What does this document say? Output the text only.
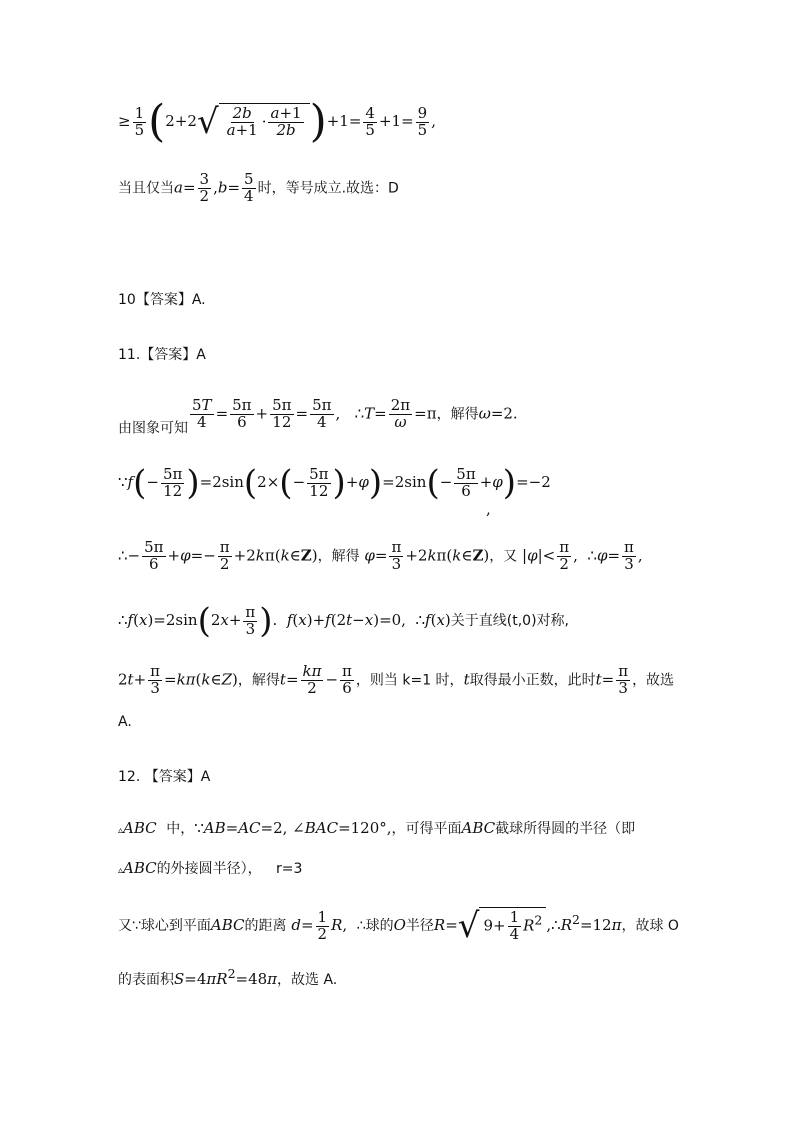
≥ $\frac{1}{5} (2+2√ \frac{2b}{a+1} \cdot \frac{a+1}{2b} )+1= \frac{4}{5} +1= \frac{9}{5}$ ,
当且仅当$a= \frac{3}{2} ,b= \frac{5}{4}$ 时，等号成立.故选：D
10【答案】A.
11.【答案】A
由图象可知 $\frac{5T}{4} = \frac{5\pi}{6} + \frac{5\pi}{12} = \frac{5\pi}{4}$ ,   ∴T= $\frac{2\pi}{\omega} =\pi$，解得ω=2.
∵f(− $\frac{5\pi}{12} )=2\sin(2\times(- \frac{5\pi}{12} )+\varphi)=2\sin(- \frac{5\pi}{6} +\varphi)=-2$
,
∴− $\frac{5\pi}{6} +\varphi=- \frac{\pi}{2}$ +2kπ(k∈Z)，解得 $\varphi= \frac{\pi}{3}$ +2kπ(k∈Z)，又 $|\varphi|< \frac{\pi}{2}$ ,  ∴φ= $\frac{\pi}{3}$ ,
∴f(x)=2sin(2x+ $\frac{\pi}{3}$ ).  f(x)+f(2t−x)=0,  ∴f(x)关于直线(t,0)对称,
$2t+ \frac{\pi}{3}$ =kπ(k∈Z)，解得$t= \frac{k\pi}{2} - \frac{\pi}{6}$ ，则当 k=1 时，t取得最小正数，此时$t= \frac{\pi}{3}$ ，故选
A.
12. 【答案】A
▵ABC 中，∵AB=AC=2, ∠BAC=120°,，可得平面ABC截球所得圆的半径（即
▵ABC的外接圆半径）， r=3
又∵球心到平面ABC的距离 $d= \frac{1}{2} R$,  ∴球的O半径R=√ $9+ \frac{1}{4} R^2$ $,\therefore R^2=12\pi$，故球 O
的表面积$S=4\pi R^2=48\pi$，故选 A.
